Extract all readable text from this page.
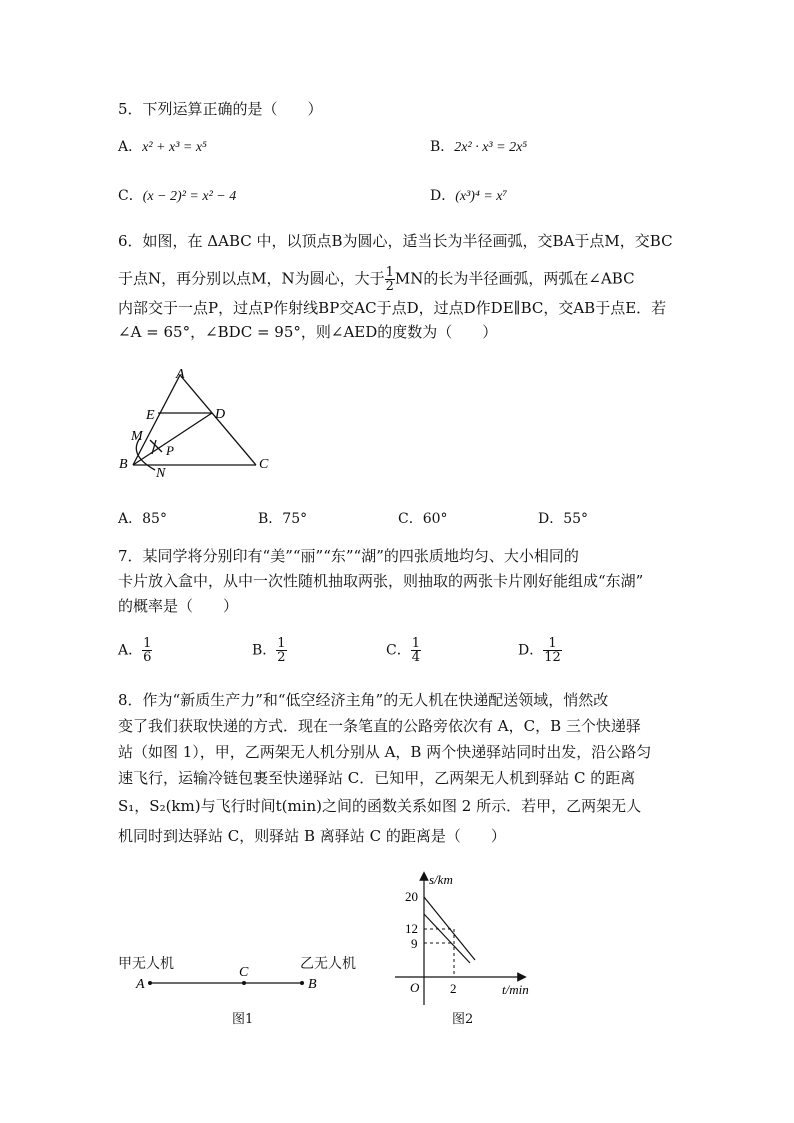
5．下列运算正确的是（　　）
A．x² + x³ = x⁵	B．2x² · x³ = 2x⁵
C．(x − 2)² = x² − 4	D．(x³)⁴ = x⁷
6．如图，在 ΔABC 中，以顶点B为圆心，适当长为半径画弧，交BA于点M，交BC
于点N，再分别以点M，N为圆心，大于 $\frac{1}{2}$ MN的长为半径画弧，两弧在∠ABC
内部交于一点P，过点P作射线BP交AC于点D，过点D作DE∥BC，交AB于点E．若
∠A = 65°，∠BDC = 95°，则∠AED的度数为（　　）
A
E	D
M
P
B
N
C
A．85°	B．75°	C．60°	D．55°
7．某同学将分别印有“美”“丽”“东”“湖”的四张质地均匀、大小相同的
卡片放入盒中，从中一次性随机抽取两张，则抽取的两张卡片刚好能组成“东湖”
的概率是（　　）
A． $\frac{1}{6}$	B． $\frac{1}{2}$	C． $\frac{1}{4}$	D． $\frac{1}{12}$
8．作为“新质生产力”和“低空经济主角”的无人机在快递配送领域，悄然改
变了我们获取快递的方式．现在一条笔直的公路旁依次有 A，C，B 三个快递驿
站（如图 1），甲，乙两架无人机分别从 A，B 两个快递驿站同时出发，沿公路匀
速飞行，运输冷链包裹至快递驿站 C．已知甲，乙两架无人机到驿站 C 的距离
S₁，S₂(km)与飞行时间t(min)之间的函数关系如图 2 所示．若甲，乙两架无人
机同时到达驿站 C，则驿站 B 离驿站 C 的距离是（　　）
A
C
B
甲无人机	乙无人机
图1
s/km
t/min
20
12
9
O 2
图2
